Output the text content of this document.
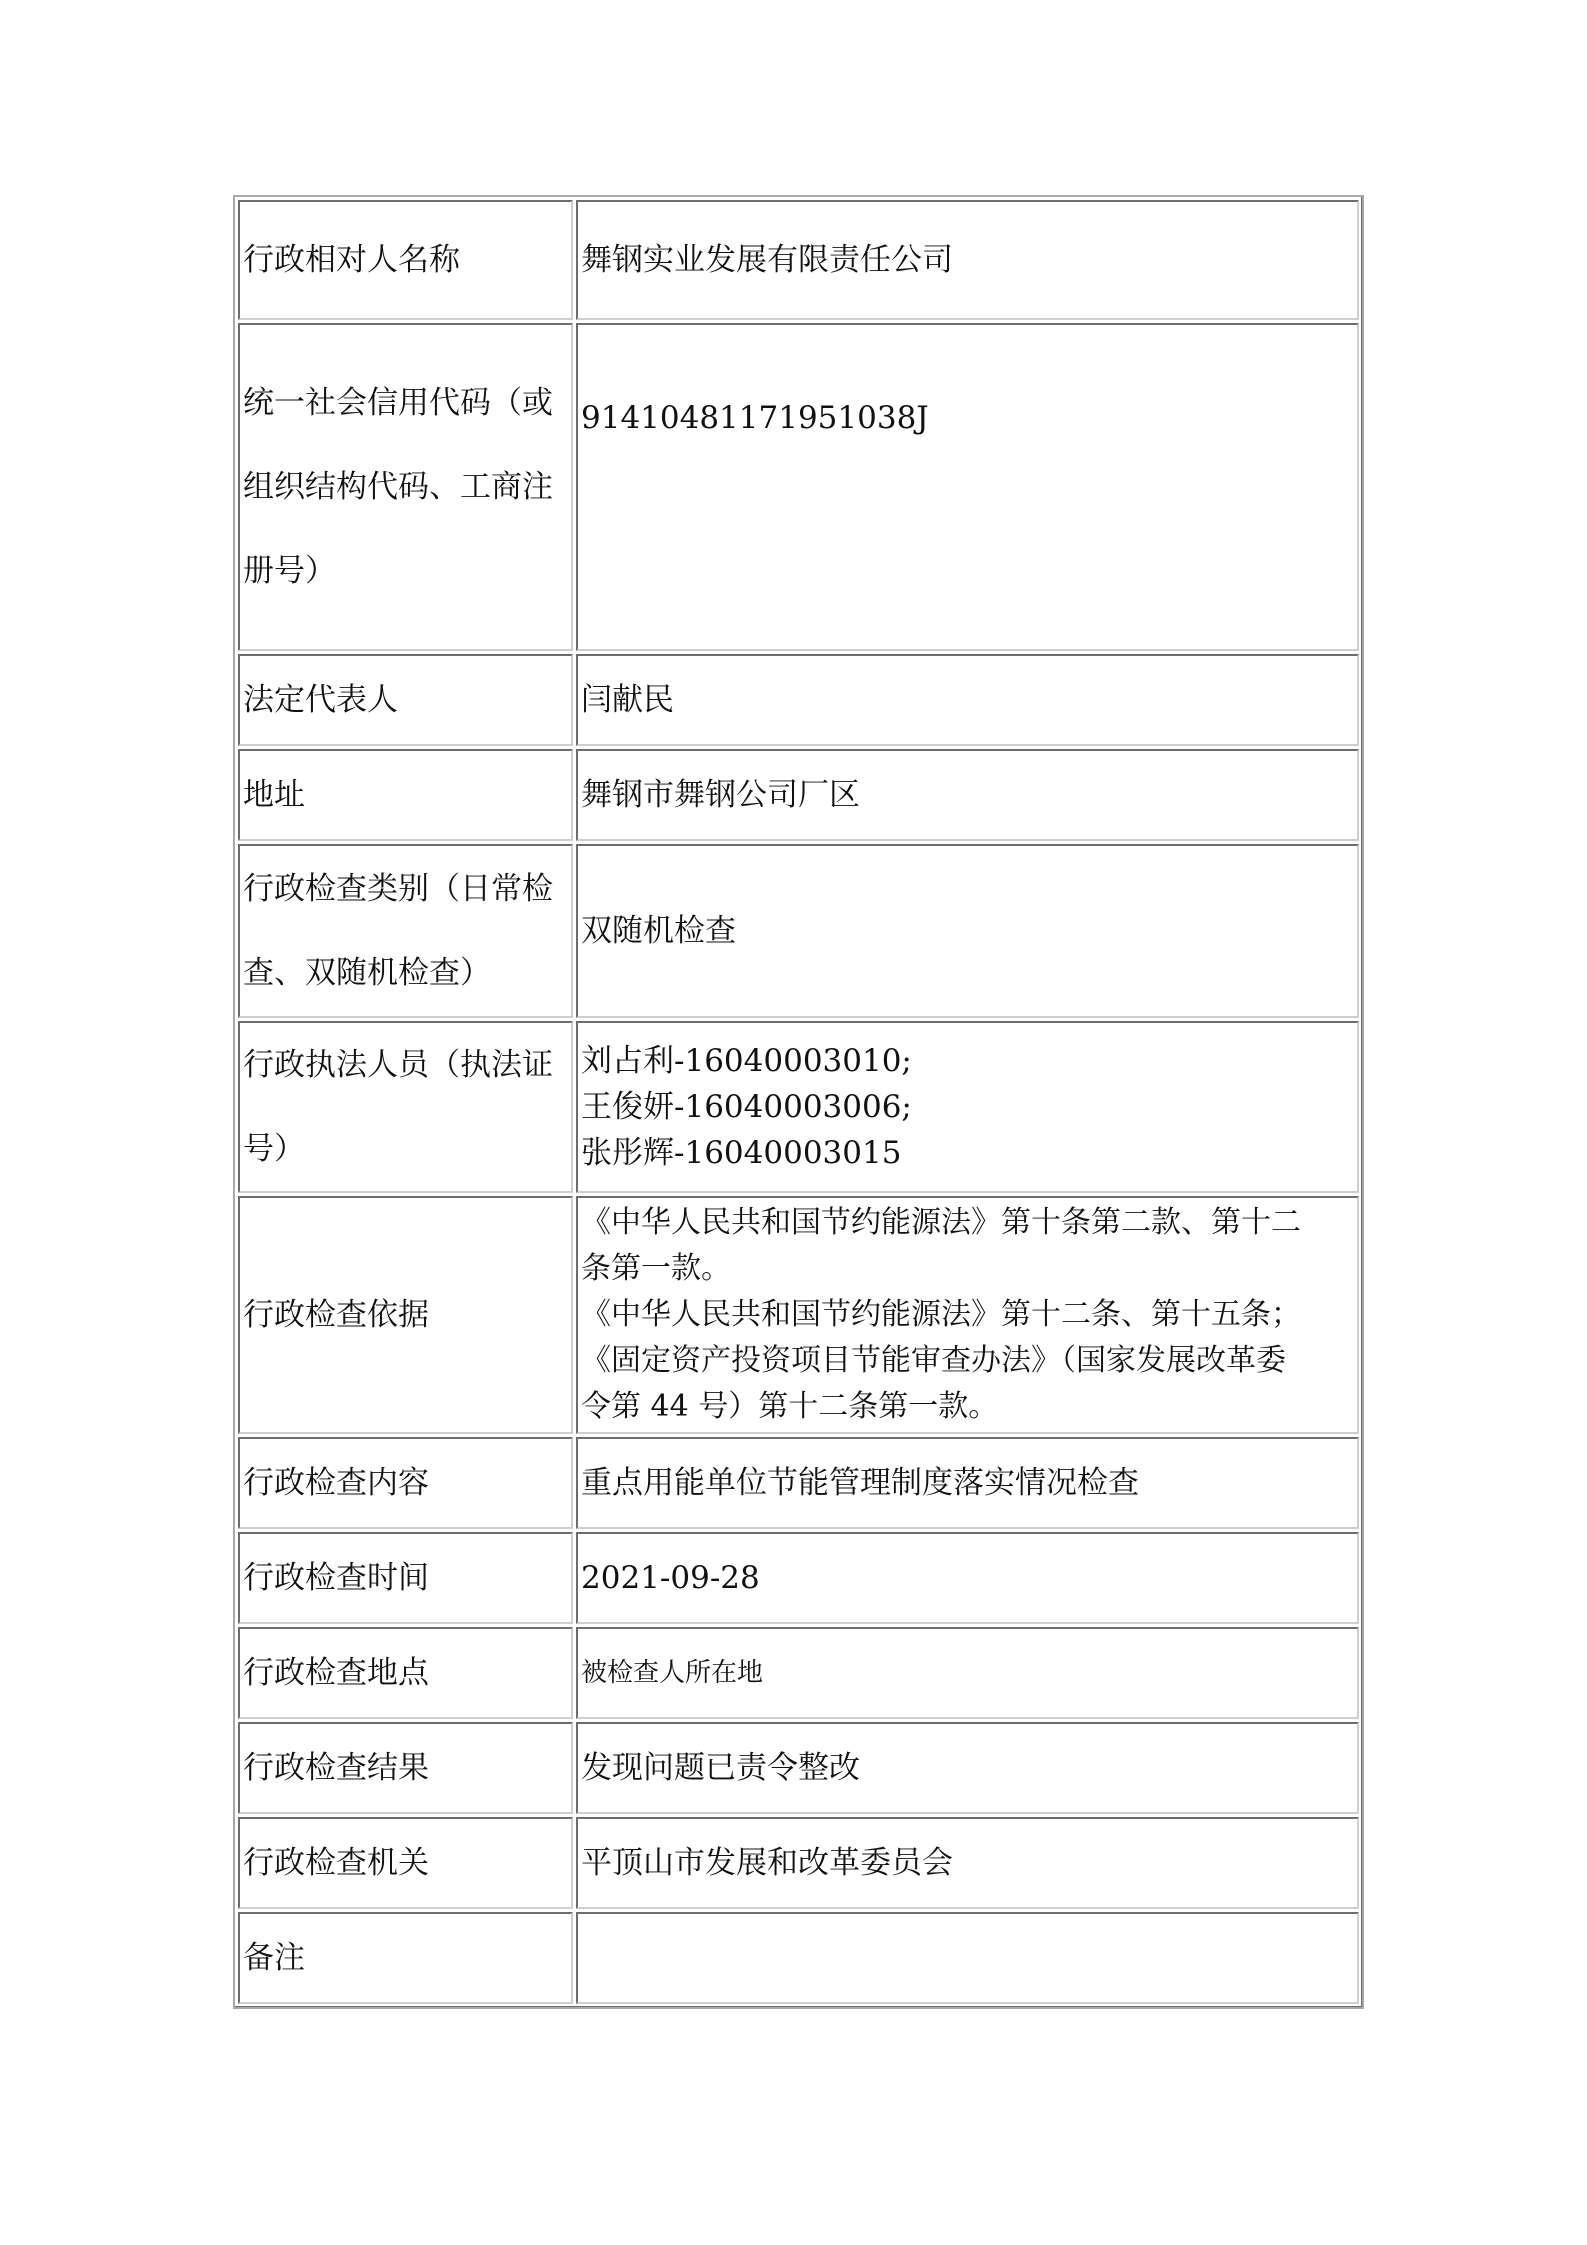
行政相对人名称	舞钢实业发展有限责任公司

统一社会信用代码（或
组织结构代码、工商注
册号）	91410481171951038J

法定代表人	闫献民

地址	舞钢市舞钢公司厂区

行政检查类别（日常检
查、双随机检查）	双随机检查

行政执法人员（执法证
号）	刘占利-16040003010;
王俊妍-16040003006;
张彤辉-16040003015

行政检查依据	《中华人民共和国节约能源法》第十条第二款、第十二
条第一款。
《中华人民共和国节约能源法》第十二条、第十五条；
《固定资产投资项目节能审查办法》（国家发展改革委
令第 44 号）第十二条第一款。

行政检查内容	重点用能单位节能管理制度落实情况检查

行政检查时间	2021-09-28

行政检查地点	被检查人所在地

行政检查结果	发现问题已责令整改

行政检查机关	平顶山市发展和改革委员会

备注	
